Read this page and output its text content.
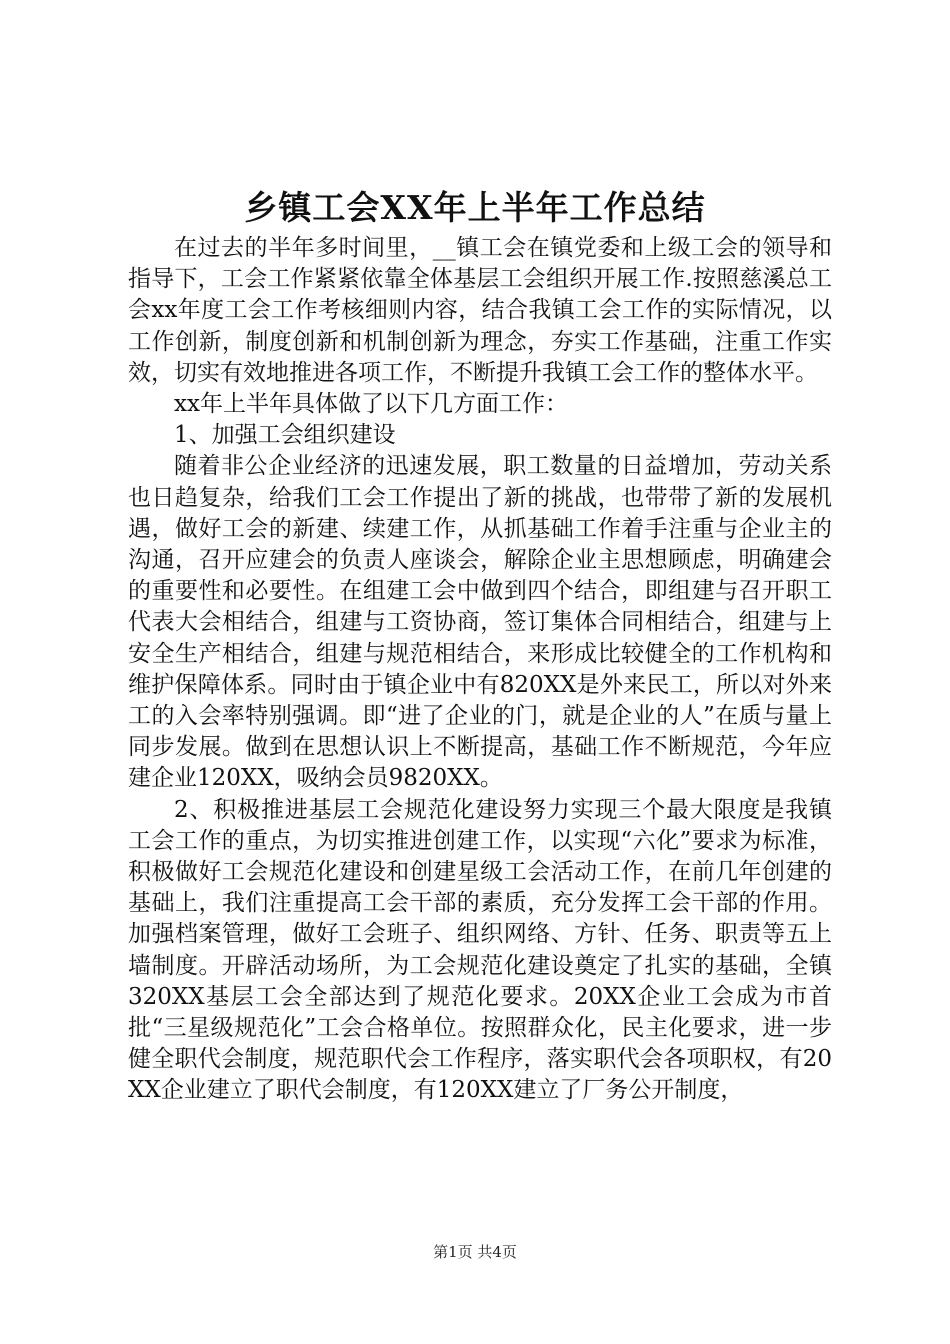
乡镇工会XX年上半年工作总结

在过去的半年多时间里，__镇工会在镇党委和上级工会的领导和指导下，工会工作紧紧依靠全体基层工会组织开展工作.按照慈溪总工会xx年度工会工作考核细则内容，结合我镇工会工作的实际情况，以工作创新，制度创新和机制创新为理念，夯实工作基础，注重工作实效，切实有效地推进各项工作，不断提升我镇工会工作的整体水平。

xx年上半年具体做了以下几方面工作：

1、加强工会组织建设

随着非公企业经济的迅速发展，职工数量的日益增加，劳动关系也日趋复杂，给我们工会工作提出了新的挑战，也带带了新的发展机遇，做好工会的新建、续建工作，从抓基础工作着手注重与企业主的沟通，召开应建会的负责人座谈会，解除企业主思想顾虑，明确建会的重要性和必要性。在组建工会中做到四个结合，即组建与召开职工代表大会相结合，组建与工资协商，签订集体合同相结合，组建与上安全生产相结合，组建与规范相结合，来形成比较健全的工作机构和维护保障体系。同时由于镇企业中有820XX是外来民工，所以对外来工的入会率特别强调。即“进了企业的门，就是企业的人”在质与量上同步发展。做到在思想认识上不断提高，基础工作不断规范，今年应建企业120XX，吸纳会员9820XX。

2、积极推进基层工会规范化建设努力实现三个最大限度是我镇工会工作的重点，为切实推进创建工作，以实现“六化”要求为标准，积极做好工会规范化建设和创建星级工会活动工作，在前几年创建的基础上，我们注重提高工会干部的素质，充分发挥工会干部的作用。加强档案管理，做好工会班子、组织网络、方针、任务、职责等五上墙制度。开辟活动场所，为工会规范化建设奠定了扎实的基础，全镇320XX基层工会全部达到了规范化要求。20XX企业工会成为市首批“三星级规范化”工会合格单位。按照群众化，民主化要求，进一步健全职代会制度，规范职代会工作程序，落实职代会各项职权，有20XX企业建立了职代会制度，有120XX建立了厂务公开制度，

第1页 共4页
